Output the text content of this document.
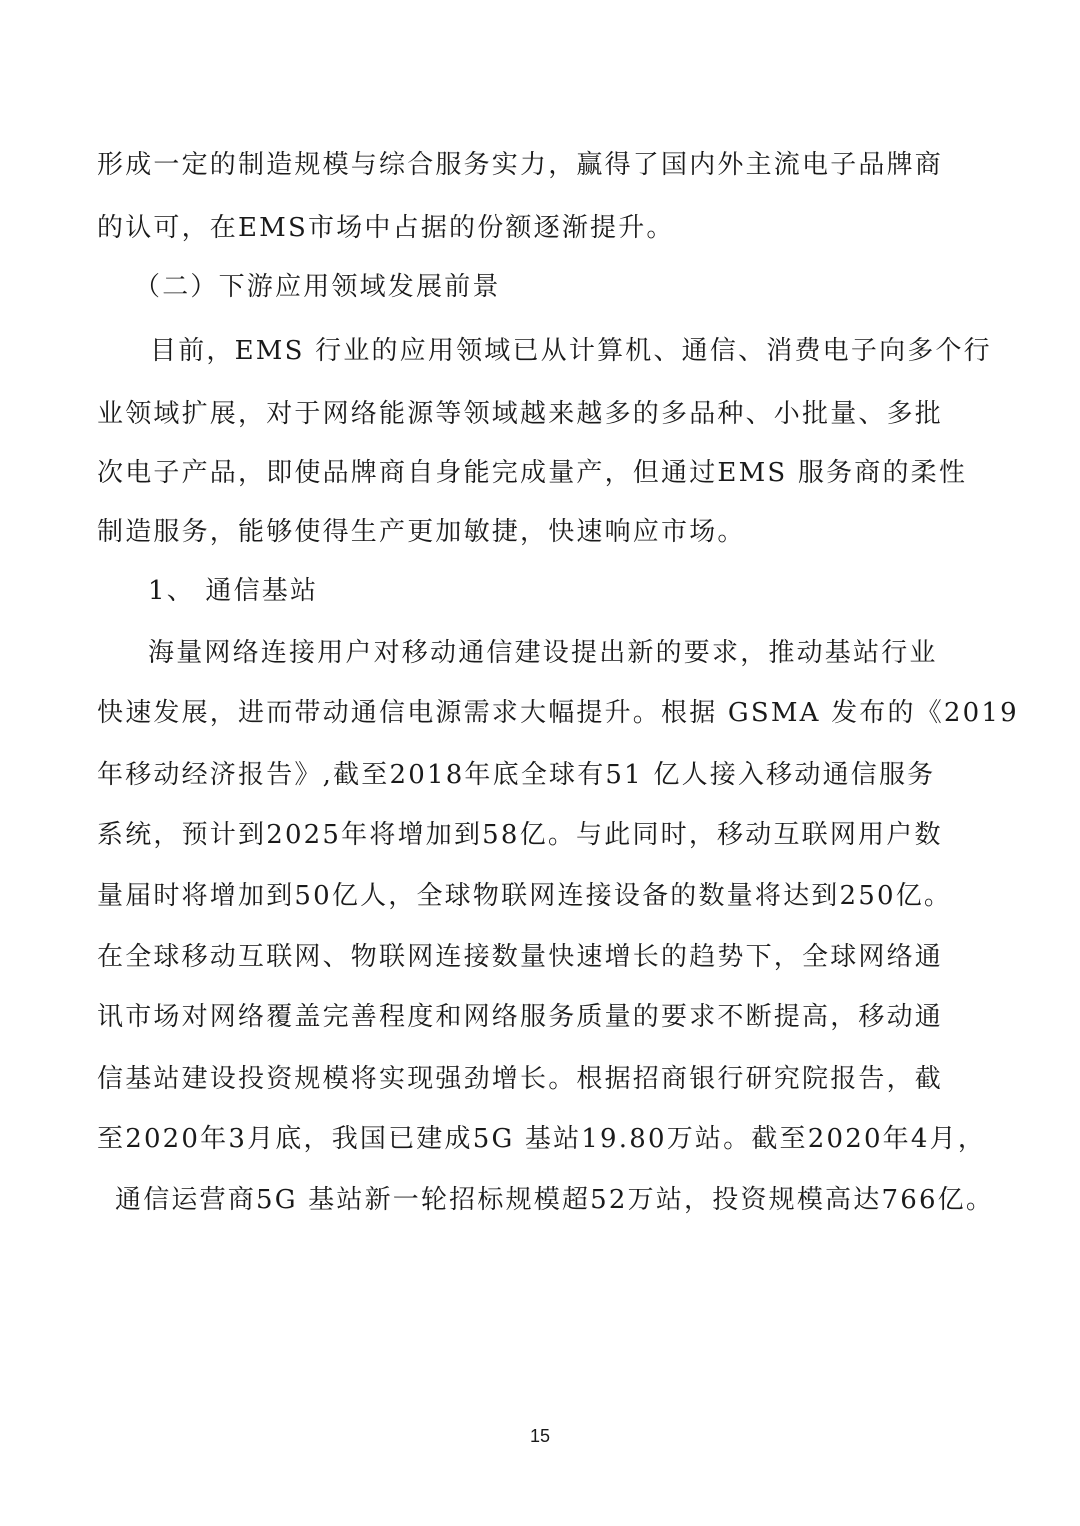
形成一定的制造规模与综合服务实力，赢得了国内外主流电子品牌商
的认可，在EMS市场中占据的份额逐渐提升。
（二）下游应用领域发展前景
目前，EMS 行业的应用领域已从计算机、通信、消费电子向多个行
业领域扩展，对于网络能源等领域越来越多的多品种、小批量、多批
次电子产品，即使品牌商自身能完成量产，但通过EMS 服务商的柔性
制造服务，能够使得生产更加敏捷，快速响应市场。
1、 通信基站
海量网络连接用户对移动通信建设提出新的要求，推动基站行业
快速发展，进而带动通信电源需求大幅提升。根据 GSMA 发布的《2019
年移动经济报告》,截至2018年底全球有51 亿人接入移动通信服务
系统，预计到2025年将增加到58亿。与此同时，移动互联网用户数
量届时将增加到50亿人，全球物联网连接设备的数量将达到250亿。
在全球移动互联网、物联网连接数量快速增长的趋势下，全球网络通
讯市场对网络覆盖完善程度和网络服务质量的要求不断提高，移动通
信基站建设投资规模将实现强劲增长。根据招商银行研究院报告，截
至2020年3月底，我国已建成5G 基站19.80万站。截至2020年4月，
通信运营商5G 基站新一轮招标规模超52万站，投资规模高达766亿。
15
